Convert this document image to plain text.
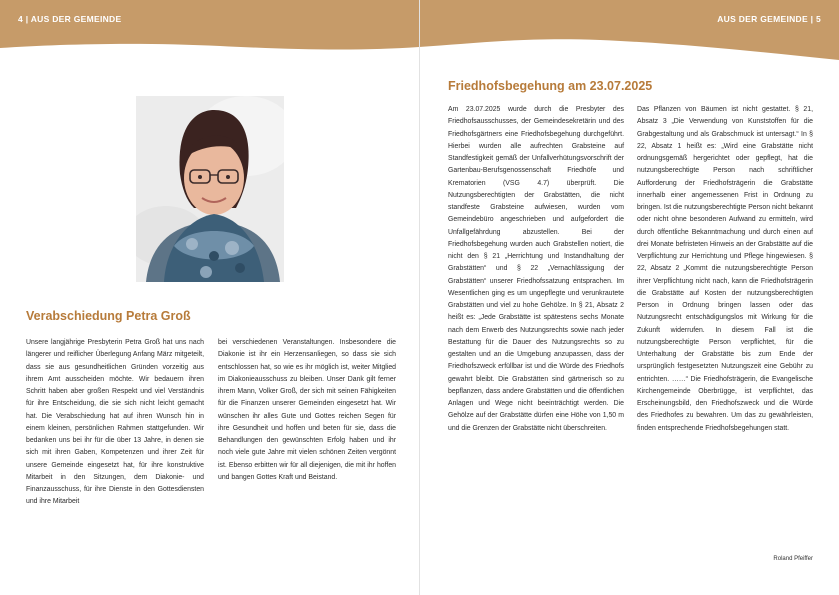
4 | AUS DER GEMEINDE	AUS DER GEMEINDE | 5
Verabschiedung Petra Groß
Unsere langjährige Presbyterin Petra Groß hat uns nach längerer und reiflicher Überlegung Anfang März mitgeteilt, dass sie aus gesundheitlichen Gründen vorzeitig aus ihrem Amt ausscheiden möchte. Wir bedauern ihren Schritt haben aber großen Respekt und viel Verständnis für ihre Entscheidung, die sie sich nicht leicht gemacht hat. Die Verabschiedung hat auf ihren Wunsch hin in einem kleinen, persönlichen Rahmen stattgefunden. Wir bedanken uns bei ihr für die über 13 Jahre, in denen sie sich mit ihren Gaben, Kompetenzen und ihrer Zeit für unsere Gemeinde eingesetzt hat, für ihre konstruktive Mitarbeit in den Sitzungen, dem Diakonie- und Finanzausschuss, für ihre Dienste in den Gottesdiensten und ihre Mitarbeit
bei verschiedenen Veranstaltungen. Insbesondere die Diakonie ist ihr ein Herzensanliegen, so dass sie sich entschlossen hat, so wie es ihr möglich ist, weiter Mitglied im Diakonieausschuss zu bleiben. Unser Dank gilt ferner ihrem Mann, Volker Groß, der sich mit seinen Fähigkeiten für die Finanzen unserer Gemeinden eingesetzt hat. Wir wünschen ihr alles Gute und Gottes reichen Segen für ihre Gesundheit und hoffen und beten für sie, dass die Behandlungen den gewünschten Erfolg haben und ihr noch viele gute Jahre mit vielen schönen Zeiten vergönnt ist. Ebenso erbitten wir für all diejenigen, die mit ihr hoffen und bangen Gottes Kraft und Beistand.
Friedhofsbegehung am 23.07.2025
Am 23.07.2025 wurde durch die Presbyter des Friedhofsausschusses, der Gemeindesekretärin und des Friedhofsgärtners eine Friedhofsbegehung durchgeführt. Hierbei wurden alle aufrechten Grabsteine auf Standfestigkeit gemäß der Unfallverhütungsvorschrift der Gartenbau-Berufsgenossenschaft Friedhöfe und Krematorien (VSG 4.7) überprüft. Die Nutzungsberechtigten der Grabstätten, die nicht standfeste Grabsteine aufwiesen, wurden vom Gemeindebüro angeschrieben und aufgefordert die Unfallgefährdung abzustellen. Bei der Friedhofsbegehung wurden auch Grabstellen notiert, die nicht den § 21 „Herrichtung und Instandhaltung der Grabstätten“ und § 22 „Vernachlässigung der Grabstätten“ unserer Friedhofssatzung entsprachen. Im Wesentlichen ging es um ungepflegte und verunkrautete Grabstätten und viel zu hohe Gehölze. In § 21, Absatz 2 heißt es: „Jede Grabstätte ist spätestens sechs Monate nach dem Erwerb des Nutzungsrechts sowie nach jeder Bestattung für die Dauer des Nutzungsrechts so zu gestalten und an die Umgebung anzupassen, dass der Friedhofszweck erfüllbar ist und die Würde des Friedhofs gewahrt bleibt. Die Grabstätten sind gärtnerisch so zu bepflanzen, dass andere Grabstätten und die öffentlichen Anlagen und Wege nicht beeinträchtigt werden. Die Gehölze auf der Grabstätte dürfen eine Höhe von 1,50 m und die Grenzen der Grabstätte nicht überschreiten.
Das Pflanzen von Bäumen ist nicht gestattet. § 21, Absatz 3 „Die Verwendung von Kunststoffen für die Grabgestaltung und als Grabschmuck ist untersagt.“ In § 22, Absatz 1 heißt es: „Wird eine Grabstätte nicht ordnungsgemäß hergerichtet oder gepflegt, hat die nutzungsberechtigte Person nach schriftlicher Aufforderung der Friedhofsträgerin die Grabstätte innerhalb einer angemessenen Frist in Ordnung zu bringen. Ist die nutzungsberechtigte Person nicht bekannt oder nicht ohne besonderen Aufwand zu ermitteln, wird durch öffentliche Bekanntmachung und durch einen auf drei Monate befristeten Hinweis an der Grabstätte auf die Verpflichtung zur Herrichtung und Pflege hingewiesen. § 22, Absatz 2 „Kommt die nutzungsberechtigte Person ihrer Verpflichtung nicht nach, kann die Friedhofsträgerin die Grabstätte auf Kosten der nutzungsberechtigten Person in Ordnung bringen lassen oder das Nutzungsrecht entschädigungslos mit Wirkung für die Zukunft widerrufen. In diesem Fall ist die nutzungsberechtigte Person verpflichtet, für die Unterhaltung der Grabstätte bis zum Ende der ursprünglich festgesetzten Nutzungszeit eine Gebühr zu entrichten. ……“ Die Friedhofsträgerin, die Evangelische Kirchengemeinde Oberbrügge, ist verpflichtet, das Erscheinungsbild, den Friedhofszweck und die Würde des Friedhofes zu bewahren. Um das zu gewährleisten, finden entsprechende Friedhofsbegehungen statt.
Roland Pfeiffer
